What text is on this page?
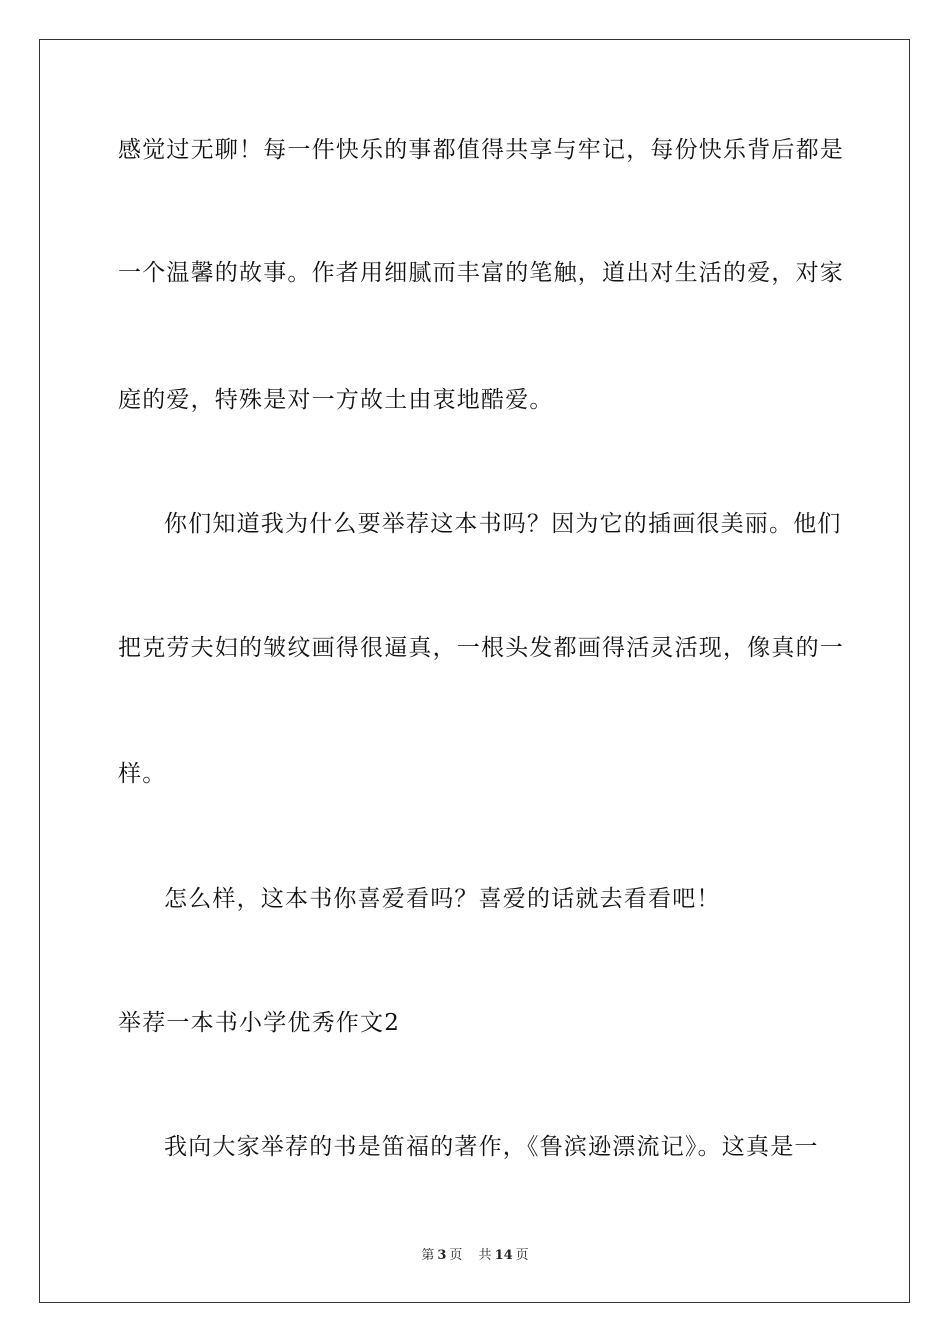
感觉过无聊！每一件快乐的事都值得共享与牢记，每份快乐背后都是
一个温馨的故事。作者用细腻而丰富的笔触，道出对生活的爱，对家
庭的爱，特殊是对一方故土由衷地酷爱。
你们知道我为什么要举荐这本书吗？因为它的插画很美丽。他们
把克劳夫妇的皱纹画得很逼真，一根头发都画得活灵活现，像真的一
样。
怎么样，这本书你喜爱看吗？喜爱的话就去看看吧！
举荐一本书小学优秀作文2
我向大家举荐的书是笛福的著作，《鲁滨逊漂流记》。这真是一
第 3 页 共 14 页
